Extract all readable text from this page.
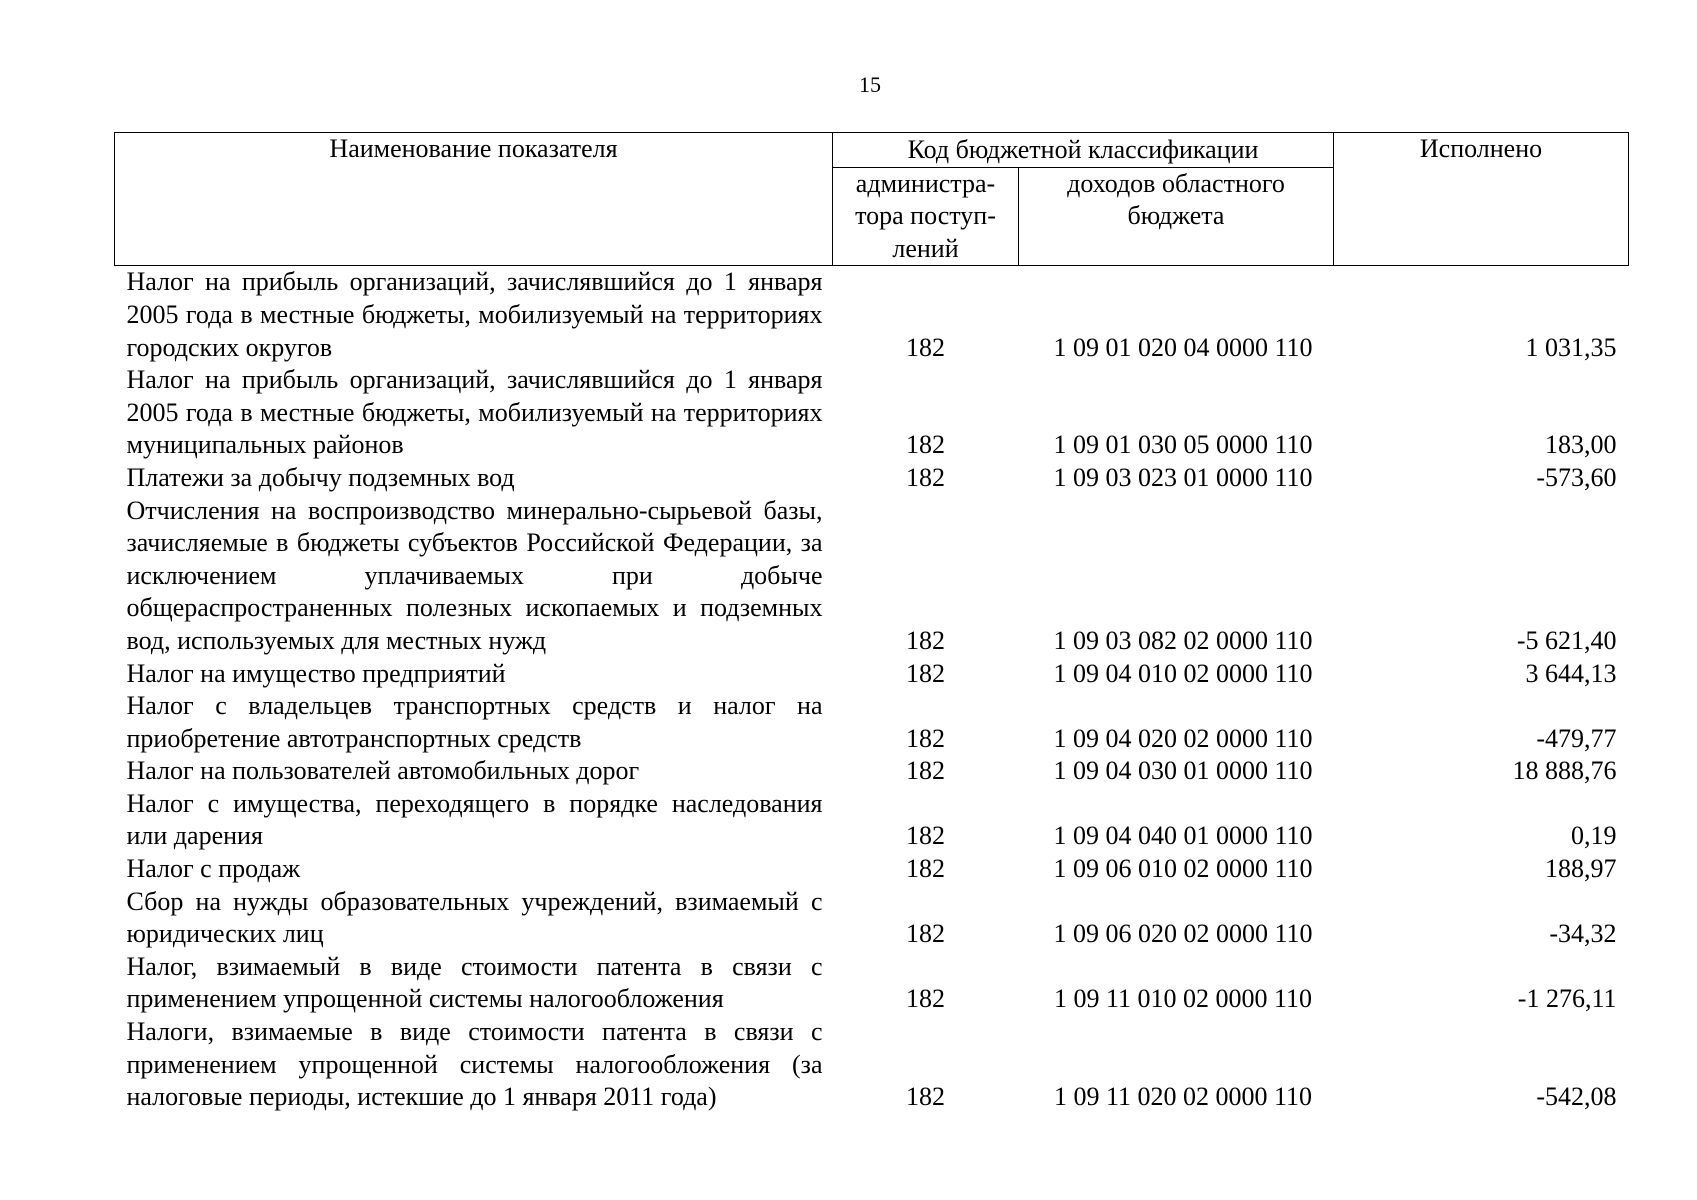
15
Наименование показателя	Код бюджетной классификации		Исполнено
	администра-тора поступ-лений	доходов областного бюджета	
Налог на прибыль организаций, зачислявшийся до 1 января 2005 года в местные бюджеты, мобилизуемый на территориях городских округов	182	1 09 01 020 04 0000 110	1 031,35
Налог на прибыль организаций, зачислявшийся до 1 января 2005 года в местные бюджеты, мобилизуемый на территориях муниципальных районов	182	1 09 01 030 05 0000 110	183,00
Платежи за добычу подземных вод	182	1 09 03 023 01 0000 110	-573,60
Отчисления на воспроизводство минерально-сырьевой базы, зачисляемые в бюджеты субъектов Российской Федерации, за исключением уплачиваемых при добыче общераспространенных полезных ископаемых и подземных вод, используемых для местных нужд	182	1 09 03 082 02 0000 110	-5 621,40
Налог на имущество предприятий	182	1 09 04 010 02 0000 110	3 644,13
Налог с владельцев транспортных средств и налог на приобретение автотранспортных средств	182	1 09 04 020 02 0000 110	-479,77
Налог на пользователей автомобильных дорог	182	1 09 04 030 01 0000 110	18 888,76
Налог с имущества, переходящего в порядке наследования или дарения	182	1 09 04 040 01 0000 110	0,19
Налог с продаж	182	1 09 06 010 02 0000 110	188,97
Сбор на нужды образовательных учреждений, взимаемый с юридических лиц	182	1 09 06 020 02 0000 110	-34,32
Налог, взимаемый в виде стоимости патента в связи с применением упрощенной системы налогообложения	182	1 09 11 010 02 0000 110	-1 276,11
Налоги, взимаемые в виде стоимости патента в связи с применением упрощенной системы налогообложения (за налоговые периоды, истекшие до 1 января 2011 года)	182	1 09 11 020 02 0000 110	-542,08
